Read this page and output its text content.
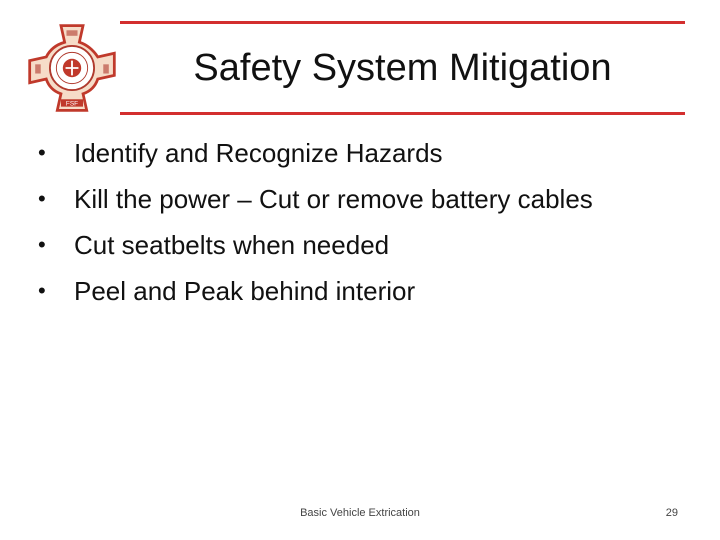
FSF
Safety System Mitigation
•	Identify and Recognize Hazards
•	Kill the power – Cut or remove battery cables
•	Cut seatbelts when needed
•	Peel and Peak behind interior
Basic Vehicle Extrication	29
